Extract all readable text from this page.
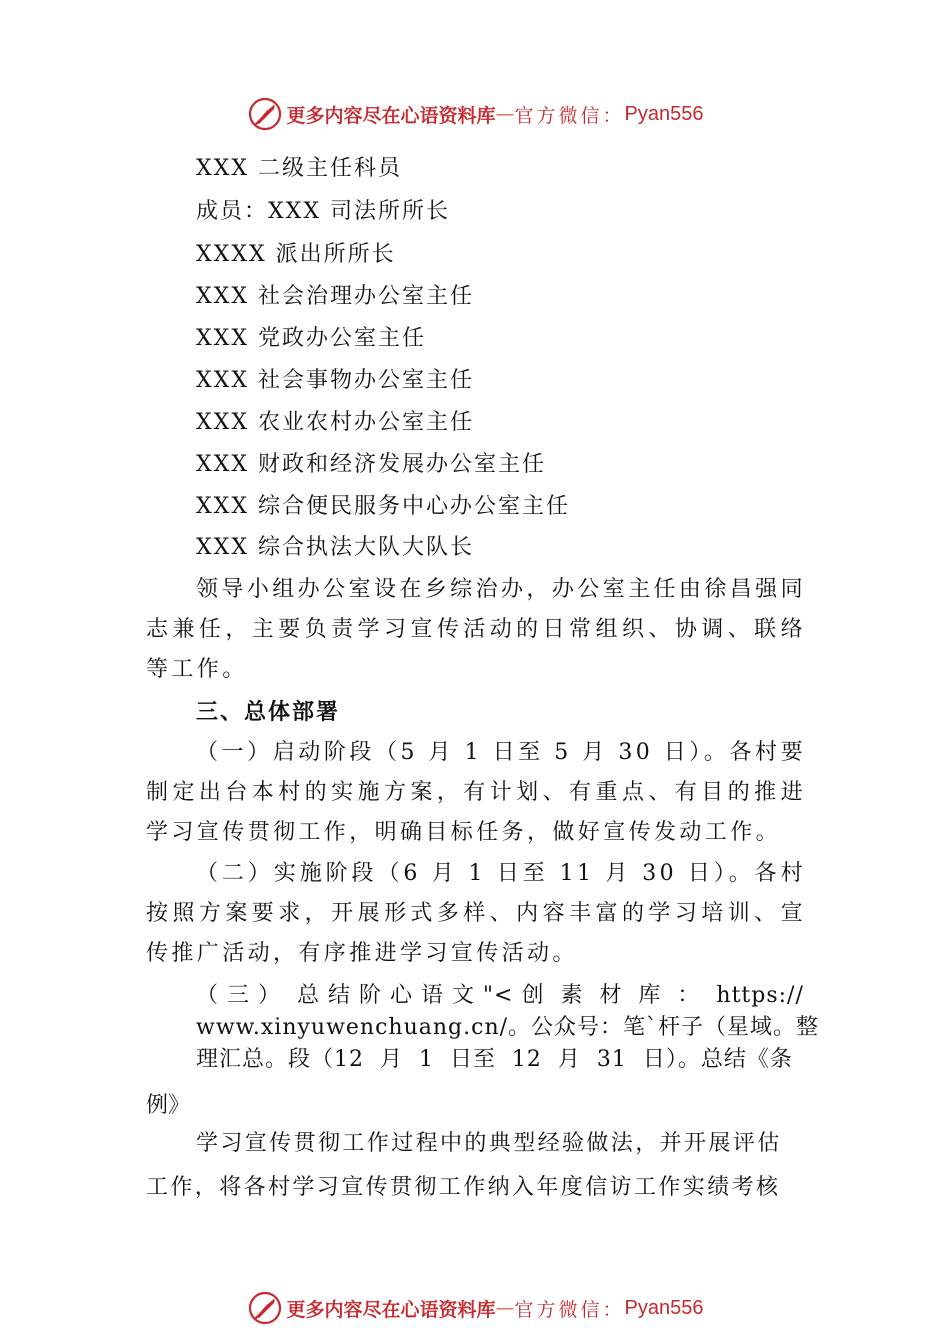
更多内容尽在心语资料库 — 官方微信： Pyan556
XXX 二级主任科员
成员：XXX 司法所所长
XXXX 派出所所长
XXX 社会治理办公室主任
XXX 党政办公室主任
XXX 社会事物办公室主任
XXX 农业农村办公室主任
XXX 财政和经济发展办公室主任
XXX 综合便民服务中心办公室主任
XXX 综合执法大队大队长
领导小组办公室设在乡综治办，办公室主任由徐昌强同志兼任，主要负责学习宣传活动的日常组织、协调、联络等工作。
三、总体部署
（一）启动阶段（5 月 1 日至 5 月 30 日）。各村要制定出台本村的实施方案，有计划、有重点、有目的推进学习宣传贯彻工作，明确目标任务，做好宣传发动工作。
（二）实施阶段（6 月 1 日至 11 月 30 日）。各村按照方案要求，开展形式多样、内容丰富的学习培训、宣传推广活动，有序推进学习宣传活动。
（ 三 ）  总 结 阶 心 语 文 "< 创  素  材  库  ：  https://
www.xinyuwenchuang.cn/。公众号：笔`杆子（星域。整
理汇总。段（12  月  1  日至  12  月  31  日）。总结《条
例》
学习宣传贯彻工作过程中的典型经验做法，并开展评估
工作，将各村学习宣传贯彻工作纳入年度信访工作实绩考核
更多内容尽在心语资料库 — 官方微信： Pyan556
